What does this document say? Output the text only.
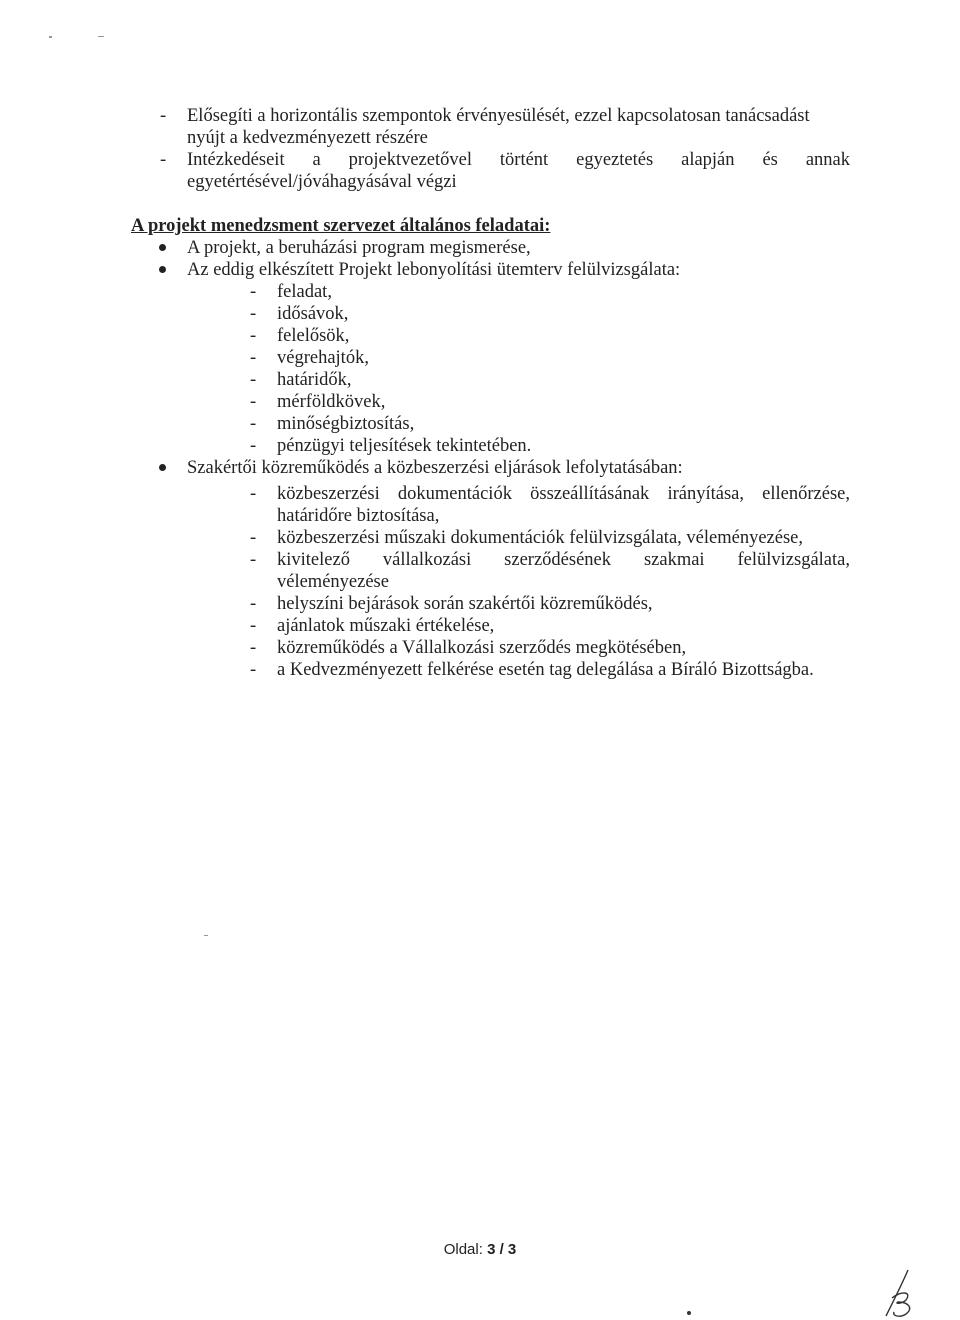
- Elősegíti a horizontális szempontok érvényesülését, ezzel kapcsolatosan tanácsadást

nyújt a kedvezményezett részére

- Intézkedéseit a projektvezetővel történt egyeztetés alapján és annak

egyetértésével/jóváhagyásával végzi

A projekt menedzsment szervezet általános feladatai:

A projekt, a beruházási program megismerése,

Az eddig elkészített Projekt lebonyolítási ütemterv felülvizsgálata:

- feladat,

- idősávok,

- felelősök,

- végrehajtók,

- határidők,

- mérföldkövek,

- minőségbiztosítás,

- pénzügyi teljesítések tekintetében.

Szakértői közreműködés a közbeszerzési eljárások lefolytatásában:

- közbeszerzési dokumentációk összeállításának irányítása, ellenőrzése,

határidőre biztosítása,

- közbeszerzési műszaki dokumentációk felülvizsgálata, véleményezése,

- kivitelező vállalkozási szerződésének szakmai felülvizsgálata,

véleményezése

- helyszíni bejárások során szakértői közreműködés,

- ajánlatok műszaki értékelése,

- közreműködés a Vállalkozási szerződés megkötésében,

- a Kedvezményezett felkérése esetén tag delegálása a Bíráló Bizottságba.

Oldal: 3 / 3
